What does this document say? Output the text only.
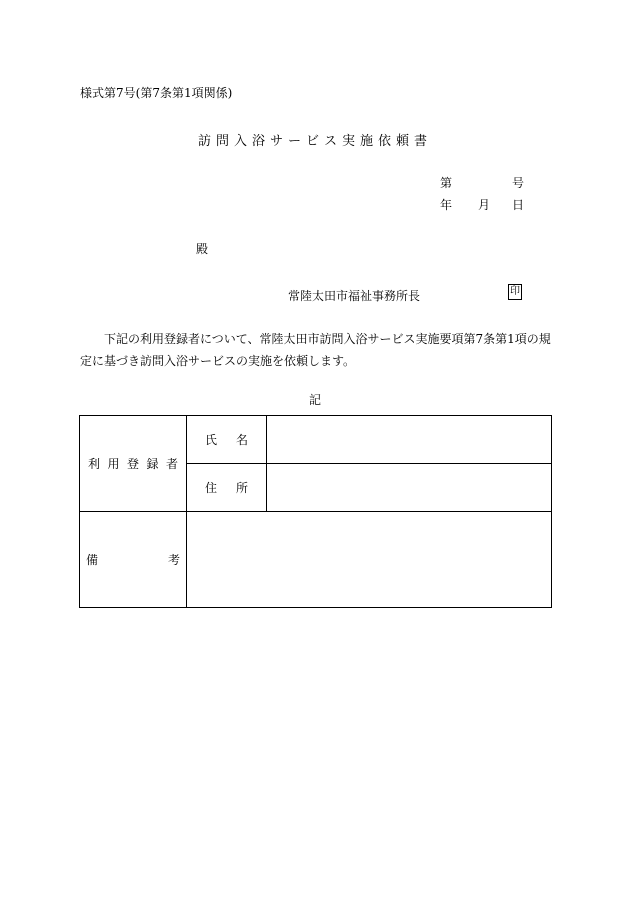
様式第7号(第7条第1項関係)
訪問入浴サービス実施依頼書
第	号
年 月 日
殿
常陸太田市福祉事務所長	印
下記の利用登録者について、常陸太田市訪問入浴サービス実施要項第7条第1項の規定に基づき訪問入浴サービスの実施を依頼します。
記
利 用 登 録 者	氏 名	

	住 所	

備 考		
